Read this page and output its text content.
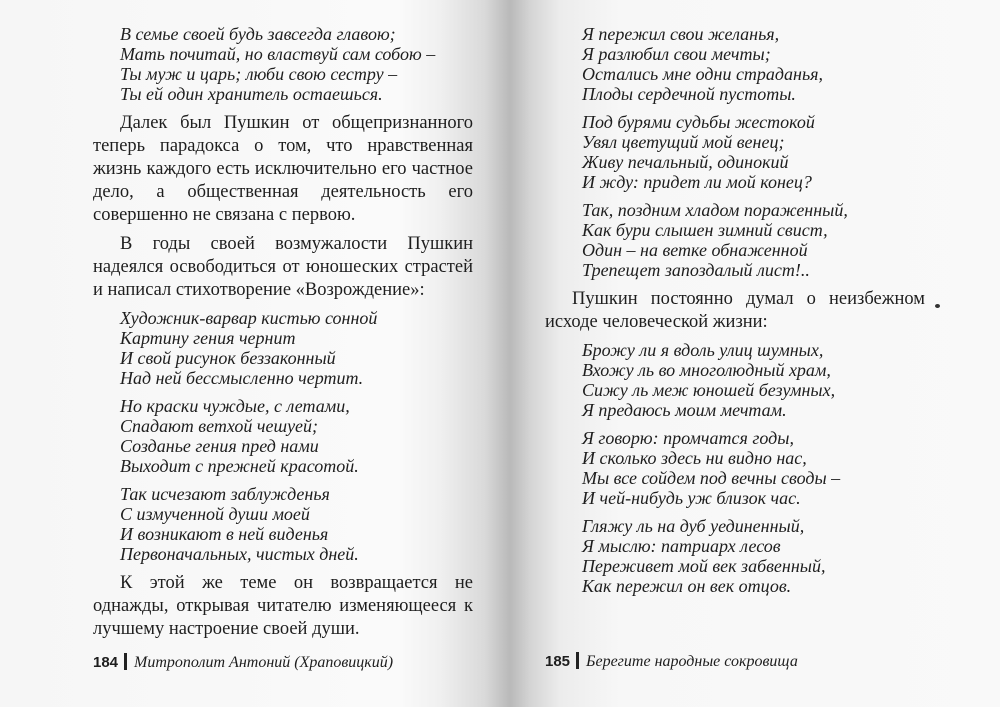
В семье своей будь завсегда главою;
Мать почитай, но властвуй сам собою –
Ты муж и царь; люби свою сестру –
Ты ей один хранитель остаешься.

Далек был Пушкин от общепризнанного теперь парадокса о том, что нравственная жизнь каждого есть исключительно его частное дело, а общественная деятельность его совершенно не связана с первою.

В годы своей возмужалости Пушкин надеялся освободиться от юношеских страстей и написал стихотворение «Возрождение»:

Художник-варвар кистью сонной
Картину гения чернит
И свой рисунок беззаконный
Над ней бессмысленно чертит.
Но краски чуждые, с летами,
Спадают ветхой чешуей;
Созданье гения пред нами
Выходит с прежней красотой.
Так исчезают заблужденья
С измученной души моей
И возникают в ней виденья
Первоначальных, чистых дней.

К этой же теме он возвращается не однажды, открывая читателю изменяющееся к лучшему настроение своей души.

184 Митрополит Антоний (Храповицкий)
Я пережил свои желанья,
Я разлюбил свои мечты;
Остались мне одни страданья,
Плоды сердечной пустоты.
Под бурями судьбы жестокой
Увял цветущий мой венец;
Живу печальный, одинокий
И жду: придет ли мой конец?
Так, поздним хладом пораженный,
Как бури слышен зимний свист,
Один – на ветке обнаженной
Трепещет запоздалый лист!..

Пушкин постоянно думал о неизбежном исходе человеческой жизни:

Брожу ли я вдоль улиц шумных,
Вхожу ль во многолюдный храм,
Сижу ль меж юношей безумных,
Я предаюсь моим мечтам.
Я говорю: промчатся годы,
И сколько здесь ни видно нас,
Мы все сойдем под вечны своды –
И чей-нибудь уж близок час.
Гляжу ль на дуб уединенный,
Я мыслю: патриарх лесов
Переживет мой век забвенный,
Как пережил он век отцов.
185 Берегите народные сокровища
